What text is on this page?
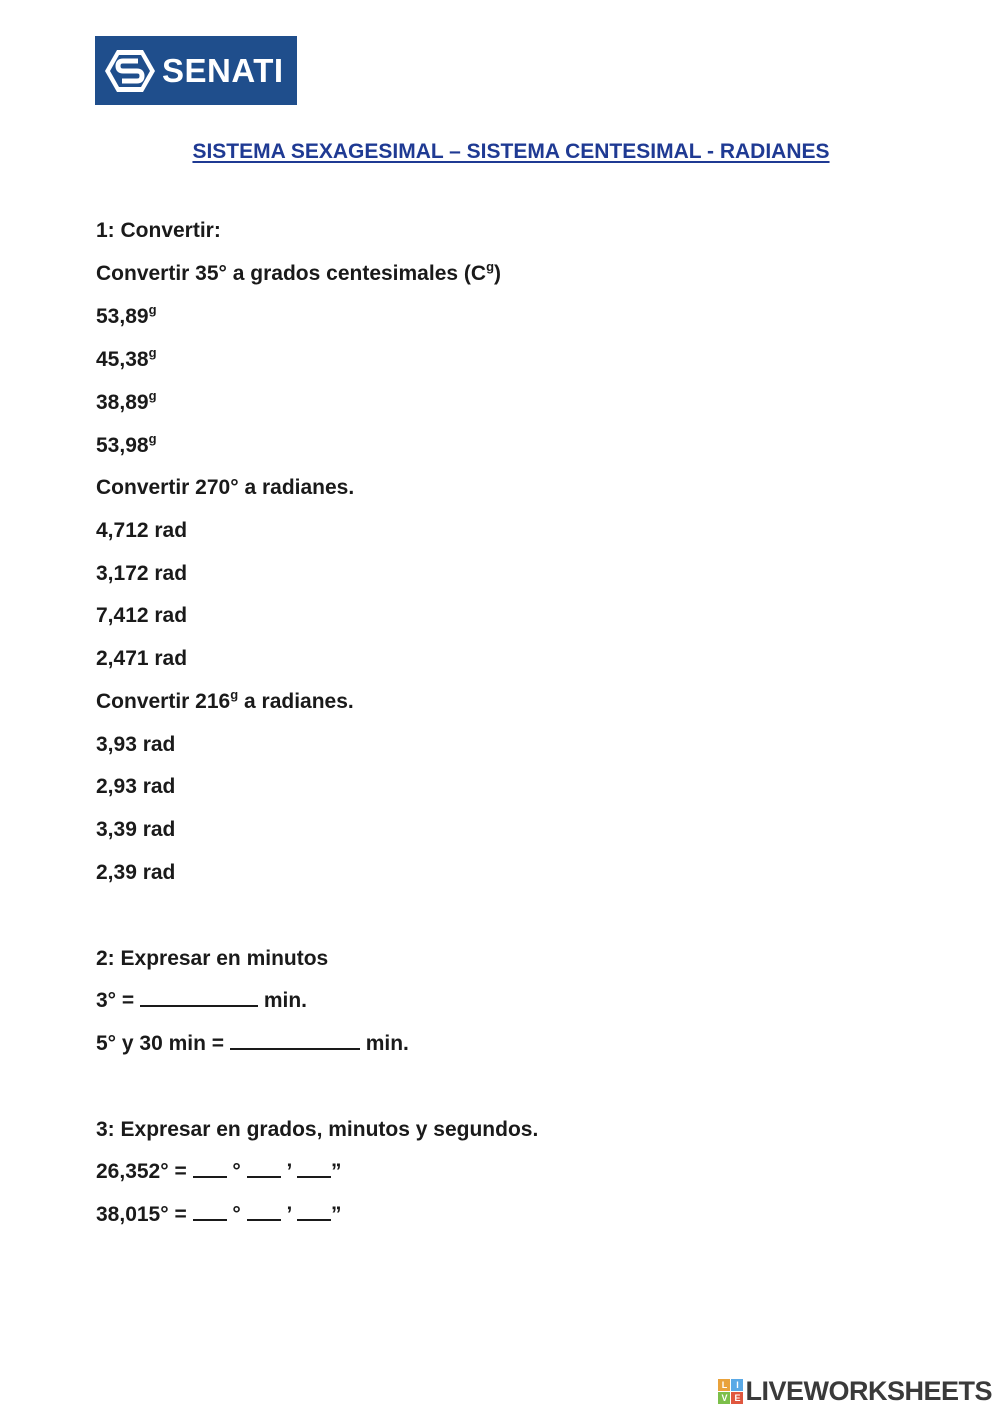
SENATI
SISTEMA SEXAGESIMAL – SISTEMA CENTESIMAL - RADIANES
1: Convertir:
Convertir 35° a grados centesimales $(C^g)$
53,89$^g$
45,38$^g$
38,89$^g$
53,98$^g$
Convertir 270° a radianes.
4,712 rad
3,172 rad
7,412 rad
2,471 rad
Convertir 216$^g$ a radianes.
3,93 rad
2,93 rad
3,39 rad
2,39 rad
2: Expresar en minutos
3° =	min.
5° y 30 min =	min.
3: Expresar en grados, minutos y segundos.
26,352° =  °  ’ ”
38,015° =  °  ’ ”
L I
V E LIVEWORKSHEETS
